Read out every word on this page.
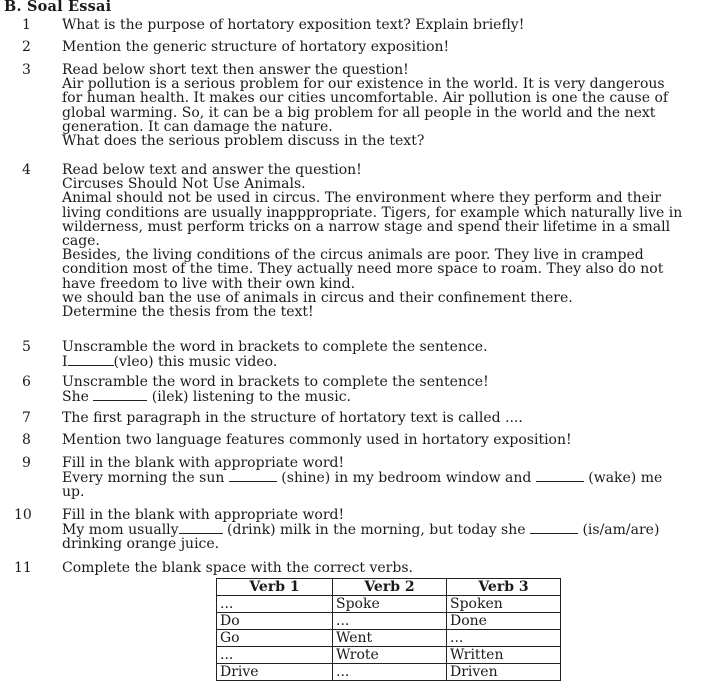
B. Soal Essai
1 What is the purpose of hortatory exposition text? Explain briefly!
2 Mention the generic structure of hortatory exposition!
3 Read below short text then answer the question!
Air pollution is a serious problem for our existence in the world. It is very dangerous
for human health. It makes our cities uncomfortable. Air pollution is one the cause of
global warming. So, it can be a big problem for all people in the world and the next
generation. It can damage the nature.
What does the serious problem discuss in the text?
4 Read below text and answer the question!
Circuses Should Not Use Animals.
Animal should not be used in circus. The environment where they perform and their
living conditions are usually inapppropriate. Tigers, for example which naturally live in
wilderness, must perform tricks on a narrow stage and spend their lifetime in a small
cage.
Besides, the living conditions of the circus animals are poor. They live in cramped
condition most of the time. They actually need more space to roam. They also do not
have freedom to live with their own kind.
we should ban the use of animals in circus and their confinement there.
Determine the thesis from the text!
5 Unscramble the word in brackets to complete the sentence.
I	(vleo) this music video.
6 Unscramble the word in brackets to complete the sentence!
She	(ilek) listening to the music.
7 The first paragraph in the structure of hortatory text is called ....
8 Mention two language features commonly used in hortatory exposition!
9 Fill in the blank with appropriate word!
Every morning the sun	(shine) in my bedroom window and	(wake) me
up.
10 Fill in the blank with appropriate word!
My mom usually	(drink) milk in the morning, but today she	(is/am/are)
drinking orange juice.
11 Complete the blank space with the correct verbs.
Verb 1	Verb 2	Verb 3
...	Spoke	Spoken
Do	...	Done
Go	Went	...
...	Wrote	Written
Drive	...	Driven
